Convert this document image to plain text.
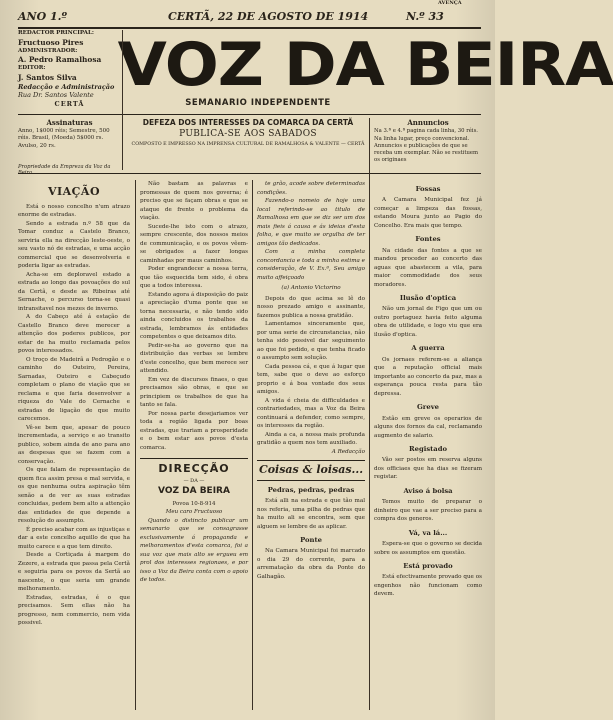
ANO 1.º	CERTÃ, 22 DE AGOSTO DE 1914	N.º 33
AVENÇA
REDACTOR PRINCIPAL:
Fructuoso Pires
ADMINISTRADOR:
A. Pedro Ramalhosa
EDITOR:
J. Santos Silva
Redacção e Administração
Rua Dr. Santos Valente
CERTÃ
VOZ DA BEIRA
SEMANARIO INDEPENDENTE
Assinaturas
Anno, 1$000 réis; Semestre, 500 réis. Brasil, (Moeda) 5$000 rs. Avulso, 20 rs.
DEFEZA DOS INTERESSES DA COMARCA DA CERTÃ
PUBLICA-SE AOS SABADOS
COMPOSTO E IMPRESSO NA IMPRENSA CULTURAL DE RAMALHOSA & VALENTE — CERTÃ
Propriedade da Empreza da Voz da
Annuncios
Na 3.ª e 4.ª pagina cada linha, 30 réis. Na linha lugar, preço convencional. Annuncios e publicações de que se receba um exemplar. Não se restituem os originaes
VIAÇÃO

Está o nosso concelho n'um atrazo enorme de estradas.

Sendo a estrada n.º 58 que da Tomar conduz a Castelo Branco, serviria ella na direcção leste-oeste, o seu vasto nó de estradas, e uma acção commercial que se desenvolveria e poderia ligar as estradas.

Acha-se em deploravel estado a estrada ao longo das povoações do sul da Certã, e desde as Ribeiras até Sernache, o percurso torna-se quasi intransitavel nos mezes de inverno.

A do Cabeço até á estação de Castello Branco deve merecer a attenção dos poderes publicos, por estar de ha muito reclamada pelos povos interessados.

O troço de Madeirã a Pedrogão e o caminho do Outeiro, Pereira, Sarnadas, Outeiro e Cabeçudo completam o plano de viação que se reclama e que faria desenvolver a riqueza do Vale do Cernache e estradas de ligação de que muito carecemos.

Vê-se bem que, apesar de pouco incrementada, a serviço e ao transito publico, sobem ainda de ano para ano as despesas que se fazem com a conservação.

Os que falam de representação de quem fica assim presa e mal servida, e os que nenhuma outra aspiração têm senão a de ver as suas estradas concluidas, pedem bem alto a attenção das entidades de que depende a resolução do assumpto.

É preciso acabar com as injustiças e dar a este concelho aquillo de que ha muito carece e a que tem direito.

Desde a Cortiçada á margem do Zezere, a estrada que passa pela Certã e seguiria para os povos da Sertã ao nascente, o que seria um grande melhoramento.

Estradas, estradas, é o que precisamos. Sem ellas não ha progresso, nem commercio, nem vida possivel.

Não bastam as palavras e promessas de quem nos governa; é preciso que se façam obras e que se ataque de frente o problema da viação.

Sucede-lhe isto com o atrazo, sempre crescente, dos nossos meios de communicação, e os povos vêem-se obrigados a fazer longas caminhadas por maus caminhos.

Poder engrandecer a nossa terra, que tão esquecida tem sido, é obra que a todos interessa.

Estando agora á disposição do paiz a apreciação d'uma ponte que se torna necessaria, e não tendo sido ainda concluidos os trabalhos da estrada, lembramos ás entidades competentes o que deixamos dito.

Pedir-se-ha ao governo que na distribuição das verbas se lembre d'este concelho, que bem merece ser attendido.

Em vez de discursos finaes, o que precisamos são obras, e que se principiem os trabalhos de que ha tanto se fala.

Por nossa parte desejariamos ver toda a região ligada por boas estradas, que trariam a prosperidade e o bem estar aos povos d'esta comarca.

DIRECÇÃO
— DA —
VOZ DA BEIRA
Povoa 10-8-914
Meu caro Fructuoso

Quando o distincto publicar um semanario que se consagrasse exclusivamente á propaganda e melhoramentos d'esta comarca, foi a sua voz que mais alto se ergueu em prol dos interesses regionaes, e por isso a Voz da Beira conta com o apoio de todos.

te grão, acode sobre determinadas condições.

Fazendo-o nomeio de hoje uma local referindo-se ao titulo de Ramalhosa em que se diz ser um dos mais fieis á causa e ás ideias d'esta folha, e que muito se orgulha de ter amigos tão dedicados.

Com a minha completa concordancia e toda a minha estima e consideração, de V. Ex.ª, Seu amigo muito affeiçoado

(a) Antonio Victorino

Depois do que acima se lê do nosso prezado amigo e assinante, fazemos publica a nossa gratidão.

Lamentamos sinceramente que, por uma serie de circunstancias, não tenha sido possivel dar seguimento ao que foi pedido, e que tenha ficado o assumpto sem solução.

Cada pessoa cá, e que á lugar que tem, sabe que o deve ao esforço proprio e á boa vontade dos seus amigos.

A vida é cheia de difficuldades e contrariedades, mas a Voz da Beira continuará a defender, como sempre, os interesses da região.

Ainda a ca, a nossa mais profunda gratidão a quem nos tem auxiliado.

A Redacção
Coisas & loisas...
Pedras, pedras, pedras

Está alli na estrada e que tão mal nos referia, uma pilha de pedras que ha muito ali se encontra, sem que alguem se lembre de as aplicar.

Ponte

Na Camara Municipal foi marcado o dia 29 do corrente, para a arrematação da obra da Ponte do Galhagão.

Fossas

A Camara Municipal fez já começar a limpeza das fossas, estando Moura junto ao Pagio do Concelho. Era mais que tempo.

Fontes

Na cidade das fontes a que se mandou proceder ao concerto das aguas que abastecem a vila, para maior commodidade dos seus moradores.

Ilusão d'optica

Não um jornal de Figo que um ou outro portaguez havia feito alguma obra de utilidade, e logo viu que era ilusão d'optica.

A guerra

Os jornaes referem-se a aliança que a reputação official mais importante ao concerto da paz, mas a esperança pouca resta para tão depressa.

Greve

Estão em greve os operarios de alguns dos fornos da cal, reclamando augmento de salario.

Registado

Vão ser postos em reserva alguns dos officiaes que ha dias se fizeram registar.

Aviso á bolsa

Temos muito de preparar o dinheiro que vae a ser preciso para a compra dos generos.

Vá, va lá...

Espera-se que o governo se decida sobre os assumptos em questão.

Está provado

Está efectivamente provado que os engenhos não funcionam como devem.
